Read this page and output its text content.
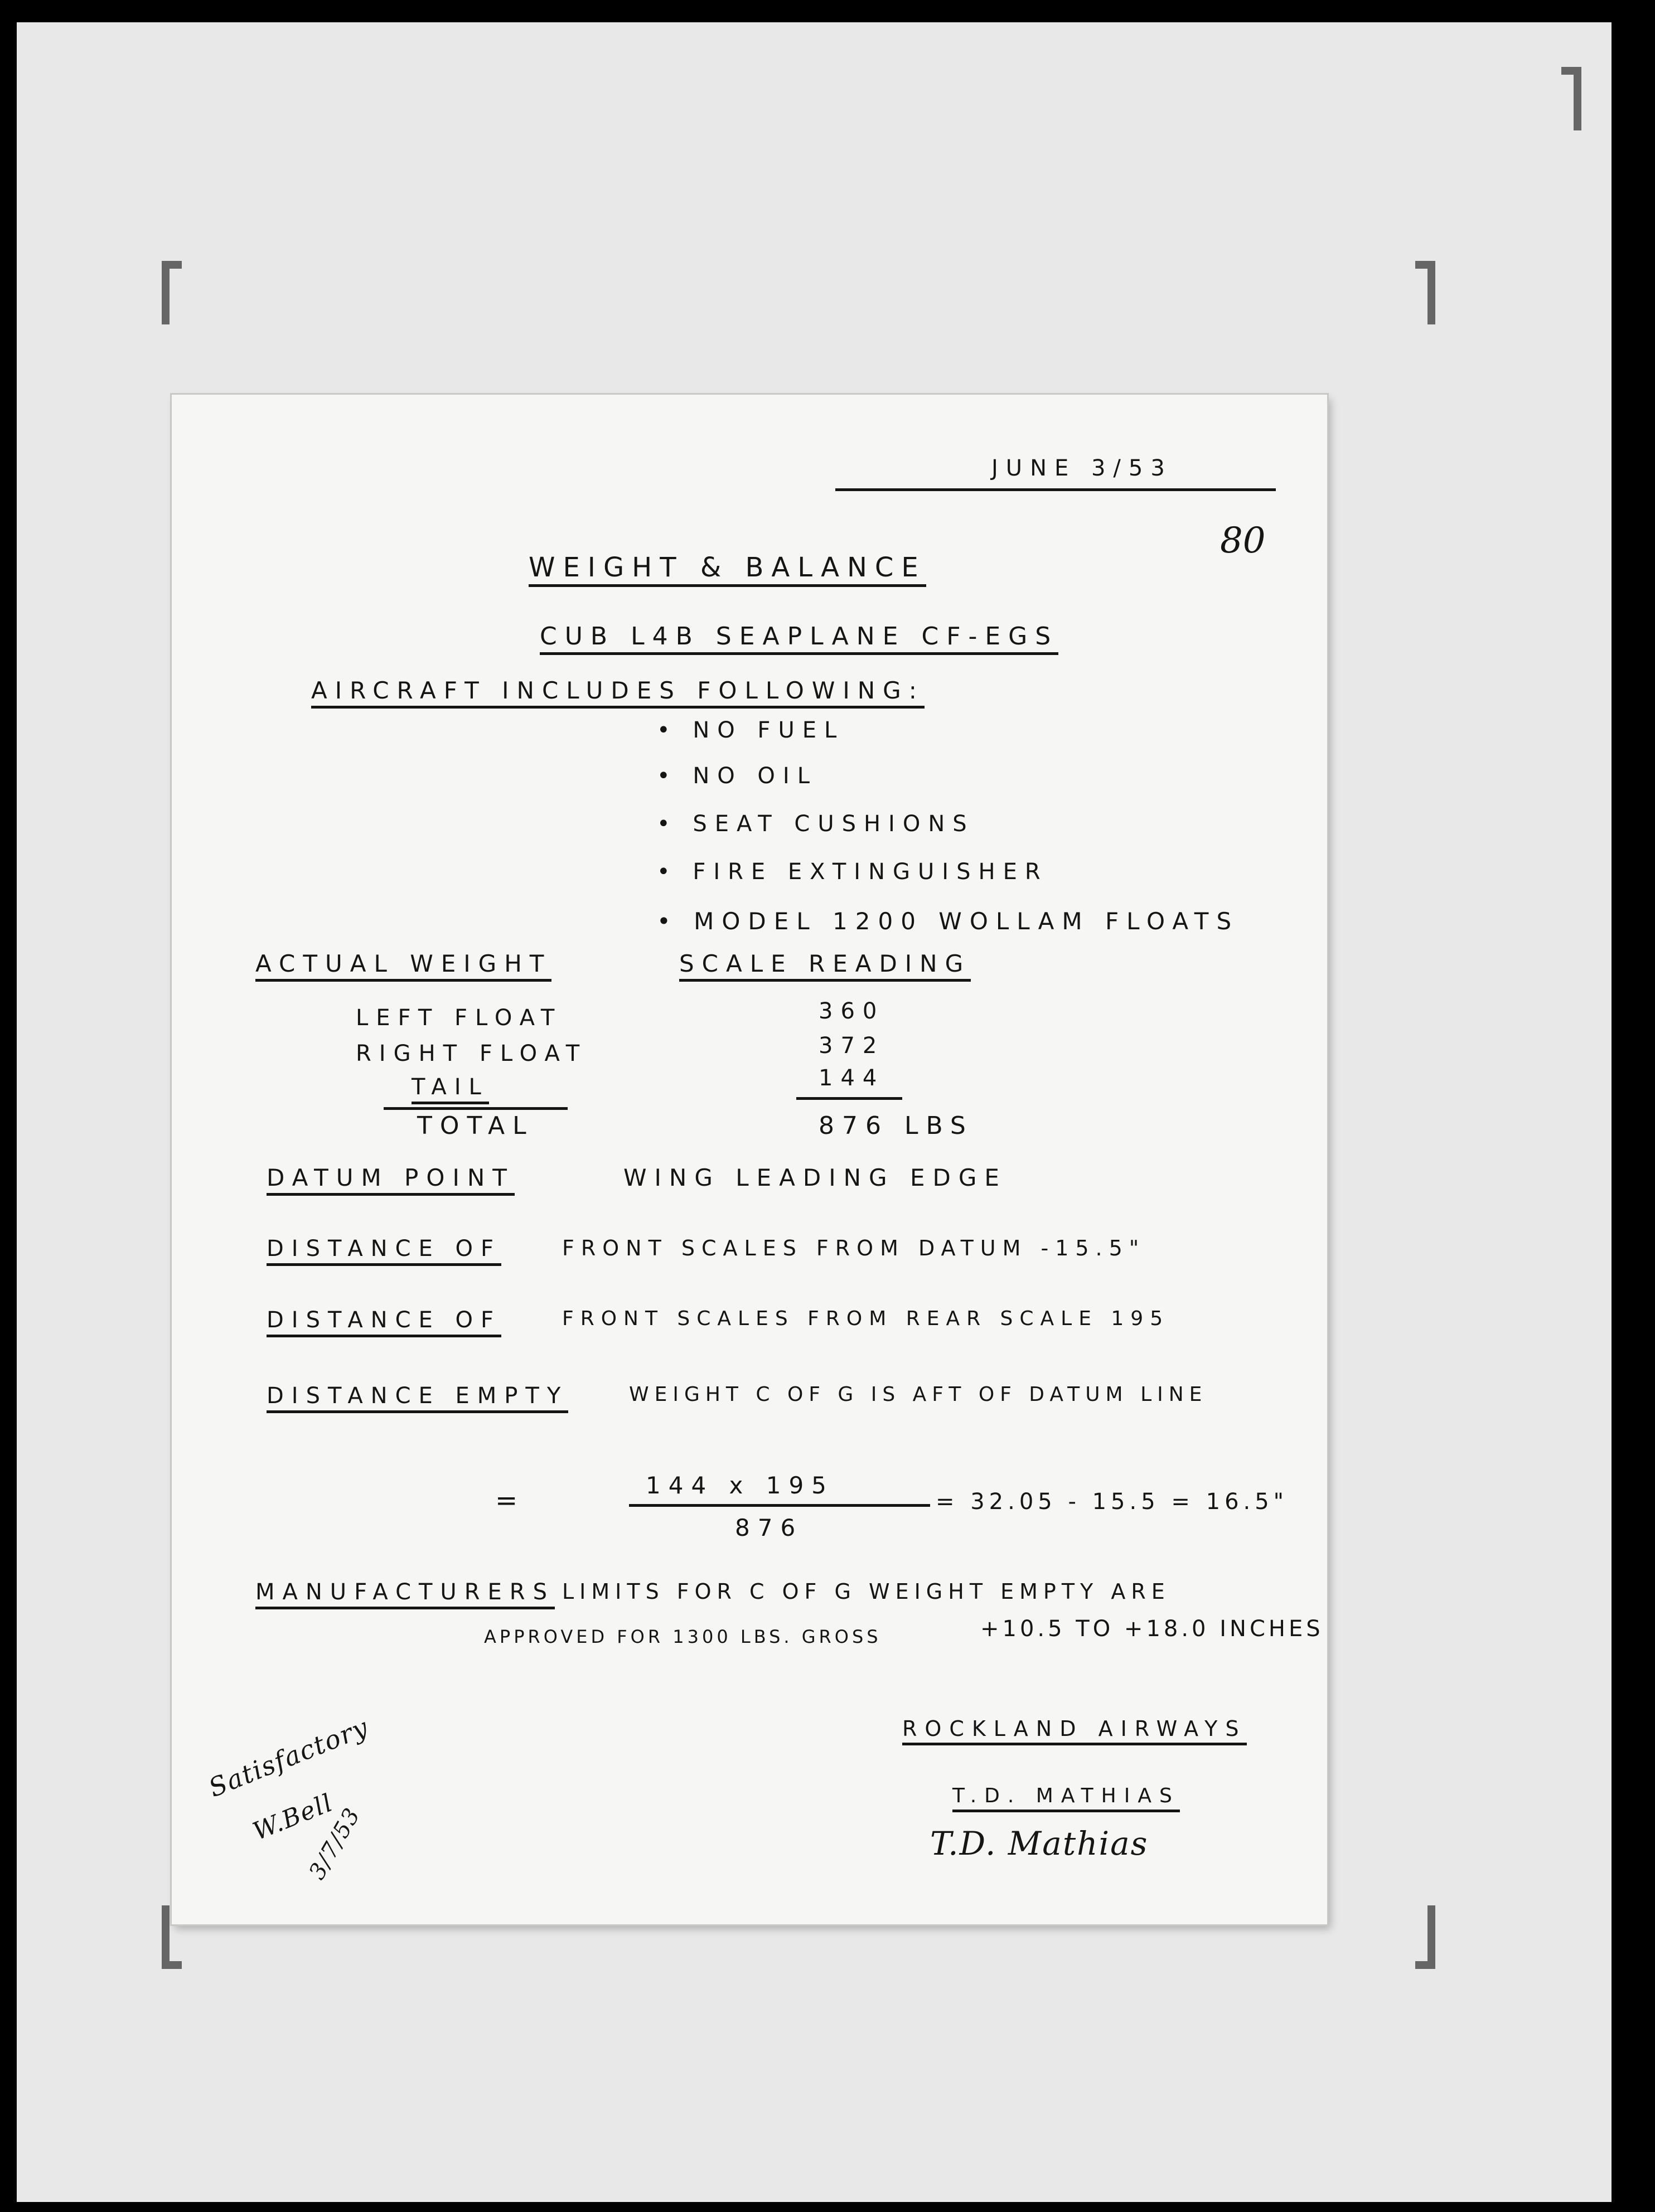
JUNE 3/53
80
WEIGHT & BALANCE
CUB L4B SEAPLANE CF-EGS
AIRCRAFT INCLUDES FOLLOWING:
• NO FUEL
• NO OIL
• SEAT CUSHIONS
• FIRE EXTINGUISHER
• MODEL 1200 WOLLAM FLOATS
ACTUAL WEIGHT	SCALE READING
LEFT FLOAT	360
RIGHT FLOAT	372
TAIL	144
TOTAL	876 LBS
DATUM POINT	WING LEADING EDGE
DISTANCE OF	FRONT SCALES FROM DATUM -15.5"
DISTANCE OF	FRONT SCALES FROM REAR SCALE 195
DISTANCE EMPTY	WEIGHT C OF G IS AFT OF DATUM LINE
=	144 x 195
876
= 32.05 - 15.5 = 16.5"
MANUFACTURERS LIMITS FOR C OF G WEIGHT EMPTY ARE
APPROVED FOR 1300 LBS. GROSS	+10.5 TO +18.0 INCHES
ROCKLAND AIRWAYS
T.D. MATHIAS
T.D. Mathias
Satisfactory
W.Bell
3/7/53
